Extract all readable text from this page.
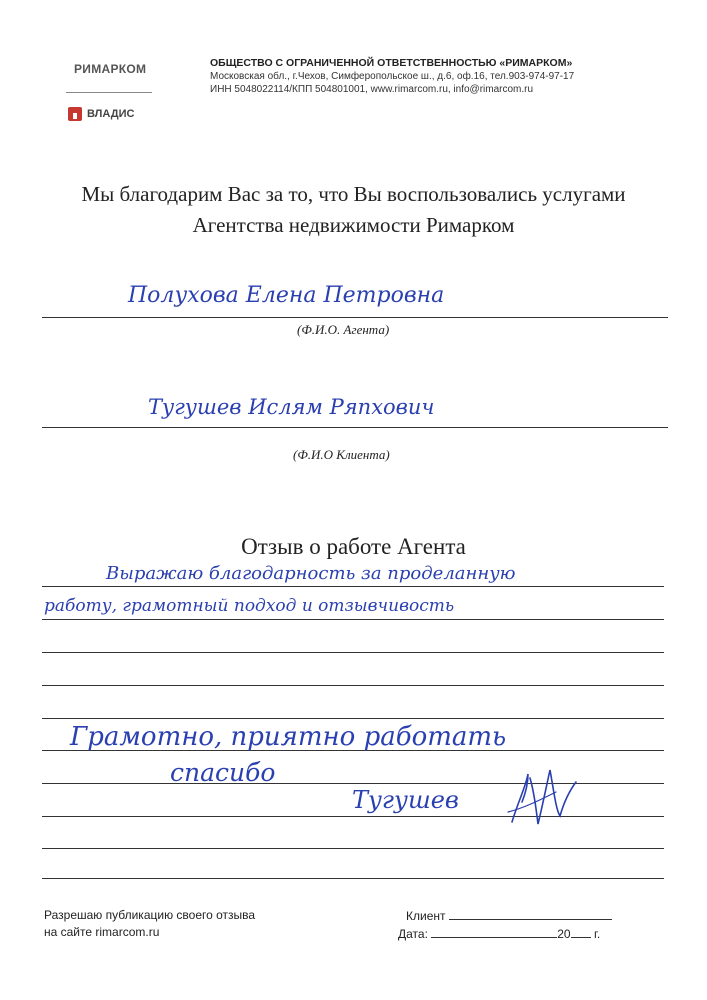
РИМАРКОМ
ВЛАДИС
ОБЩЕСТВО С ОГРАНИЧЕННОЙ ОТВЕТСТВЕННОСТЬЮ «РИМАРКОМ»
Московская обл., г.Чехов, Симферопольское ш., д.6, оф.16, тел.903-974-97-17
ИНН 5048022114/КПП 504801001, www.rimarcom.ru, info@rimarcom.ru
Мы благодарим Вас за то, что Вы воспользовались услугами
Агентства недвижимости Римарком
Полухова Елена Петровна
(Ф.И.О. Агента)
Тугушев Ислям Ряпхович
(Ф.И.О Клиента)
Отзыв о работе Агента
Выражаю благодарность за проделанную
работу, грамотный подход и отзывчивость
Грамотно, приятно работать
спасибо
Тугушев
Разрешаю публикацию своего отзыва
на сайте rimarcom.ru
Клиент
Дата:	20 г.
